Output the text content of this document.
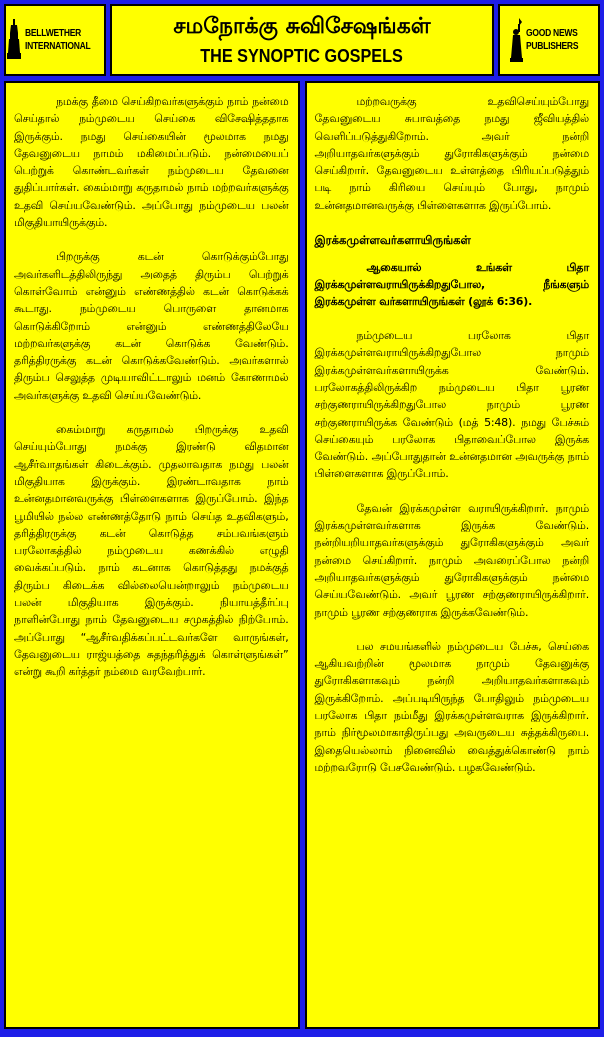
BELLWETHER
INTERNATIONAL
சமநோக்கு சுவிசேஷங்கள்
THE SYNOPTIC GOSPELS
GOOD NEWS
PUBLISHERS

நமக்கு தீமை செய்கிறவர்களுக்கும் நாம் நன்மை செய்தால் நம்முடைய செய்கை விசேஷித்ததாக இருக்கும். நமது செய்கையின் மூலமாக நமது தேவனுடைய நாமம் மகிமைப்படும். நன்மையைப் பெற்றுக் கொண்டவர்கள் நம்முடைய தேவனை துதிப்பார்கள். கைம்மாறு கருதாமல் நாம் மற்றவர்களுக்கு உதவி செய்யவேண்டும். அப்போது நம்முடைய பலன் மிகுதியாயிருக்கும்.

பிறருக்கு கடன் கொடுக்கும்போது அவர்களிடத்திலிருந்து அதைத் திரும்ப பெற்றுக் கொள்வோம் என்னும் எண்ணத்தில் கடன் கொடுக்கக் கூடாது. நம்முடைய பொருளை தானமாக கொடுக்கிறோம் என்னும் எண்ணத்திலேயே மற்றவர்களுக்கு கடன் கொடுக்க வேண்டும். தரித்திரருக்கு கடன் கொடுக்கவேண்டும். அவர்களால் திரும்ப செலுத்த முடியாவிட்டாலும் மனம் கோணாமல் அவர்களுக்கு உதவி செய்யவேண்டும்.

கைம்மாறு கருதாமல் பிறருக்கு உதவி செய்யும்போது நமக்கு இரண்டு விதமான ஆசீர்வாதங்கள் கிடைக்கும். முதலாவதாக நமது பலன் மிகுதியாக இருக்கும். இரண்டாவதாக நாம் உன்னதமானவருக்கு பிள்ளைகளாக இருப்போம். இந்த பூமியில் நல்ல எண்ணத்தோடு நாம் செய்த உதவிகளும், தரித்திரருக்கு கடன் கொடுத்த சம்பவங்களும் பரலோகத்தில் நம்முடைய கணக்கில் எழுதி வைக்கப்படும். நாம் கடனாக கொடுத்தது நமக்குத் திரும்ப கிடைக்க வில்லையென்றாலும் நம்முடைய பலன் மிகுதியாக இருக்கும். நியாயத்தீர்ப்பு நாளின்போது நாம் தேவனுடைய சமுகத்தில் நிற்போம். அப்போது “ஆசீர்வதிக்கப்பட்டவர்களே வாருங்கள், தேவனுடைய ராஜ்யத்தை சுதந்தரித்துக் கொள்ளுங்கள்” என்று கூறி கர்த்தர் நம்மை வரவேற்பார்.

மற்றவருக்கு உதவிசெய்யும்போது தேவனுடைய சுபாவத்தை நமது ஜீவியத்தில் வெளிப்படுத்துகிறோம். அவர் நன்றி அறியாதவர்களுக்கும் துரோகிகளுக்கும் நன்மை செய்கிறார். தேவனுடைய உள்ளத்தை பிரியப்படுத்தும் படி நாம் கிரியை செய்யும் போது, நாமும் உன்னதமானவருக்கு பிள்ளைகளாக இருப்போம்.

இரக்கமுள்ளவர்களாயிருங்கள்

ஆகையால் உங்கள் பிதா இரக்கமுள்ளவராயிருக்கிறதுபோல, நீங்களும் இரக்கமுள்ள வர்களாயிருங்கள் (லூக் 6:36).

நம்முடைய பரலோக பிதா இரக்கமுள்ளவராயிருக்கிறதுபோல நாமும் இரக்கமுள்ளவர்களாயிருக்க வேண்டும். பரலோகத்திலிருக்கிற நம்முடைய பிதா பூரண சற்குணராயிருக்கிறதுபோல நாமும் பூரண சற்குணராயிருக்க வேண்டும் (மத் 5:48). நமது பேச்சும் செய்கையும் பரலோக பிதாவைப்போல இருக்க வேண்டும். அப்போதுதான் உன்னதமான அவருக்கு நாம் பிள்ளைகளாக இருப்போம்.

தேவன் இரக்கமுள்ள வராயிருக்கிறார். நாமும் இரக்கமுள்ளவர்களாக இருக்க வேண்டும். நன்றியறியாதவர்களுக்கும் துரோகிகளுக்கும் அவர் நன்மை செய்கிறார். நாமும் அவரைப்போல நன்றி அறியாதவர்களுக்கும் துரோகிகளுக்கும் நன்மை செய்யவேண்டும். அவர் பூரண சற்குணராயிருக்கிறார். நாமும் பூரண சற்குணராக இருக்கவேண்டும்.

பல சமயங்களில் நம்முடைய பேச்சு, செய்கை ஆகியவற்றின் மூலமாக நாமும் தேவனுக்கு துரோகிகளாகவும் நன்றி அறியாதவர்களாகவும் இருக்கிறோம். அப்படியிருந்த போதிலும் நம்முடைய பரலோக பிதா நம்மீது இரக்கமுள்ளவராக இருக்கிறார். நாம் நிர்மூலமாகாதிருப்பது அவருடைய சுத்தக்கிருபை. இதையெல்லாம் நினைவில் வைத்துக்கொண்டு நாம் மற்றவரோடு பேசவேண்டும். பழகவேண்டும்.
